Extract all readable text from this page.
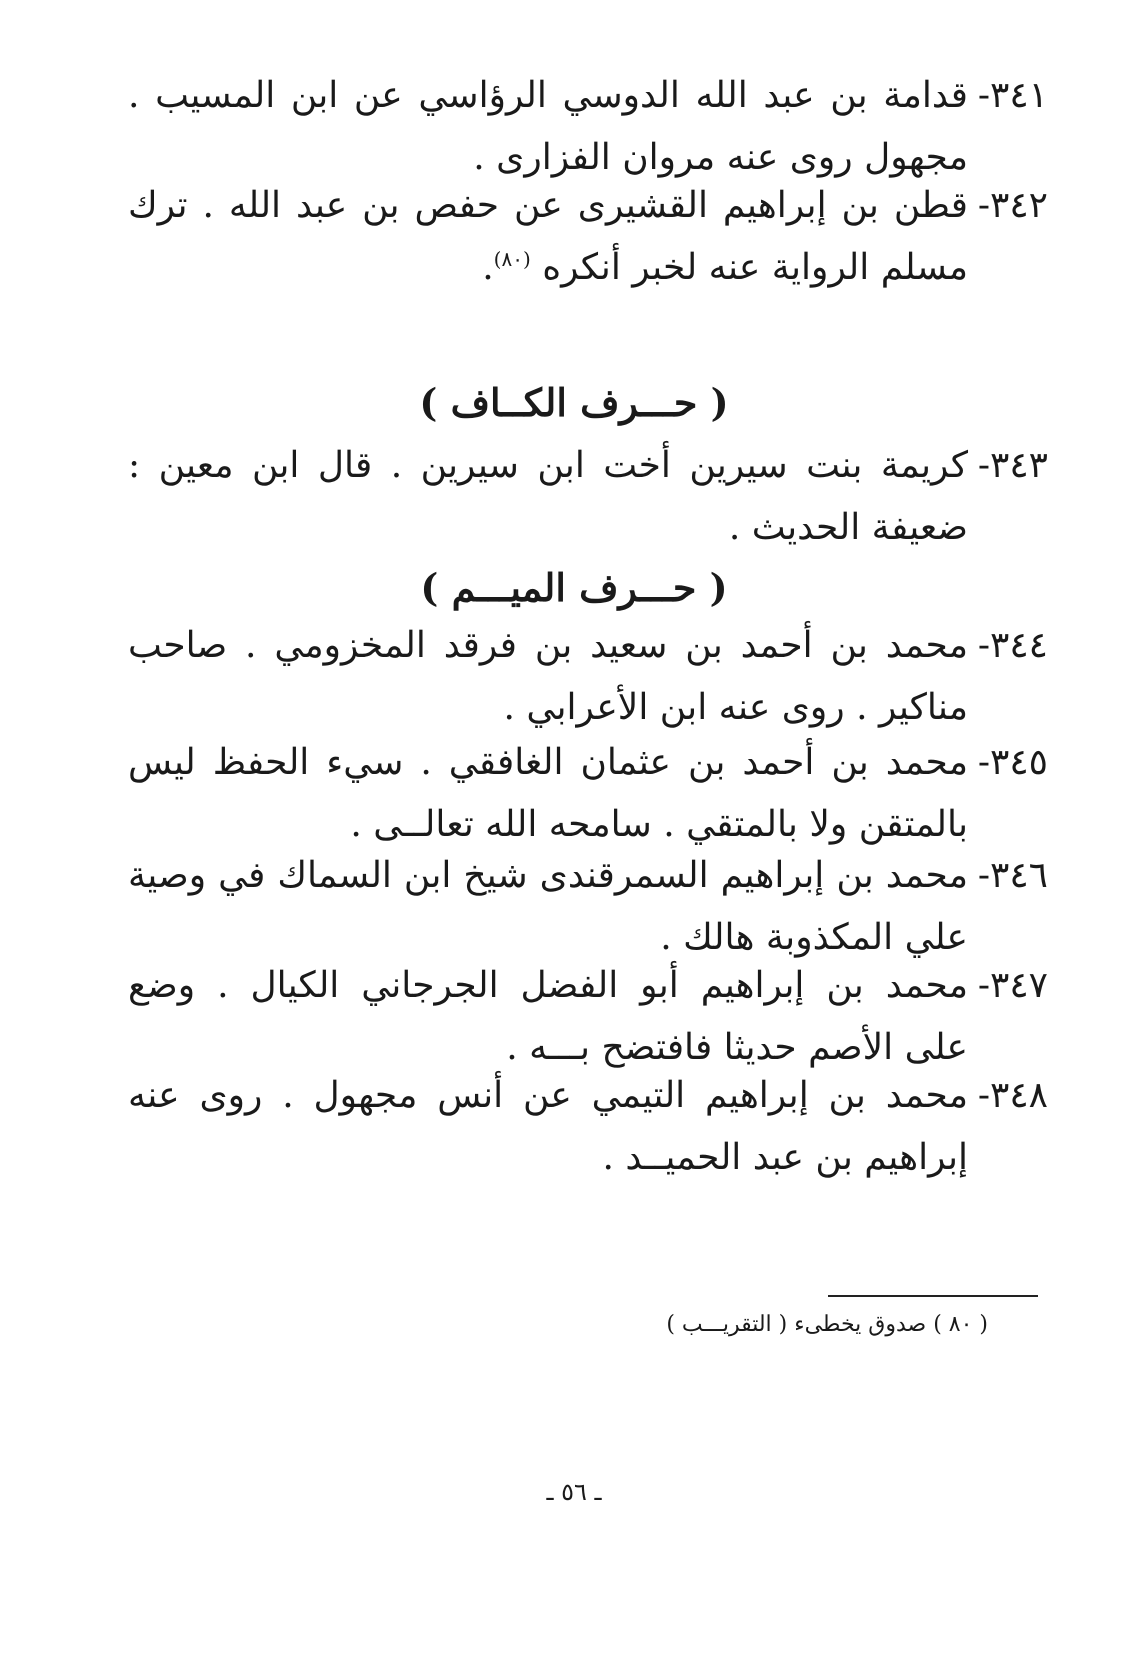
٣٤١-
قدامة بن عبد الله الدوسي الرؤاسي عن ابن المسيب .
مجهول روى عنه مروان الفزارى .
٣٤٢-
قطن بن إبراهيم القشيرى عن حفص بن عبد الله . ترك
مسلم الرواية عنه لخبر أنكره $^{(٨٠)}$.
( حـــرف الكــاف )
٣٤٣-
كريمة بنت سيرين أخت ابن سيرين . قال ابن معين :
ضعيفة الحديث .
( حـــرف الميـــم )
٣٤٤-
محمد بن أحمد بن سعيد بن فرقد المخزومي . صاحب
مناكير . روى عنه ابن الأعرابي .
٣٤٥-
محمد بن أحمد بن عثمان الغافقي . سيء الحفظ ليس
بالمتقن ولا بالمتقي . سامحه الله تعالــى .
٣٤٦-
محمد بن إبراهيم السمرقندى شيخ ابن السماك في وصية
علي المكذوبة هالك .
٣٤٧-
محمد بن إبراهيم أبو الفضل الجرجاني الكيال . وضع
على الأصم حديثا فافتضح بـــه .
٣٤٨-
محمد بن إبراهيم التيمي عن أنس مجهول . روى عنه
إبراهيم بن عبد الحميــد .
( ٨٠ ) صدوق يخطىء ( التقريـــب )
ـ ٥٦ ـ
